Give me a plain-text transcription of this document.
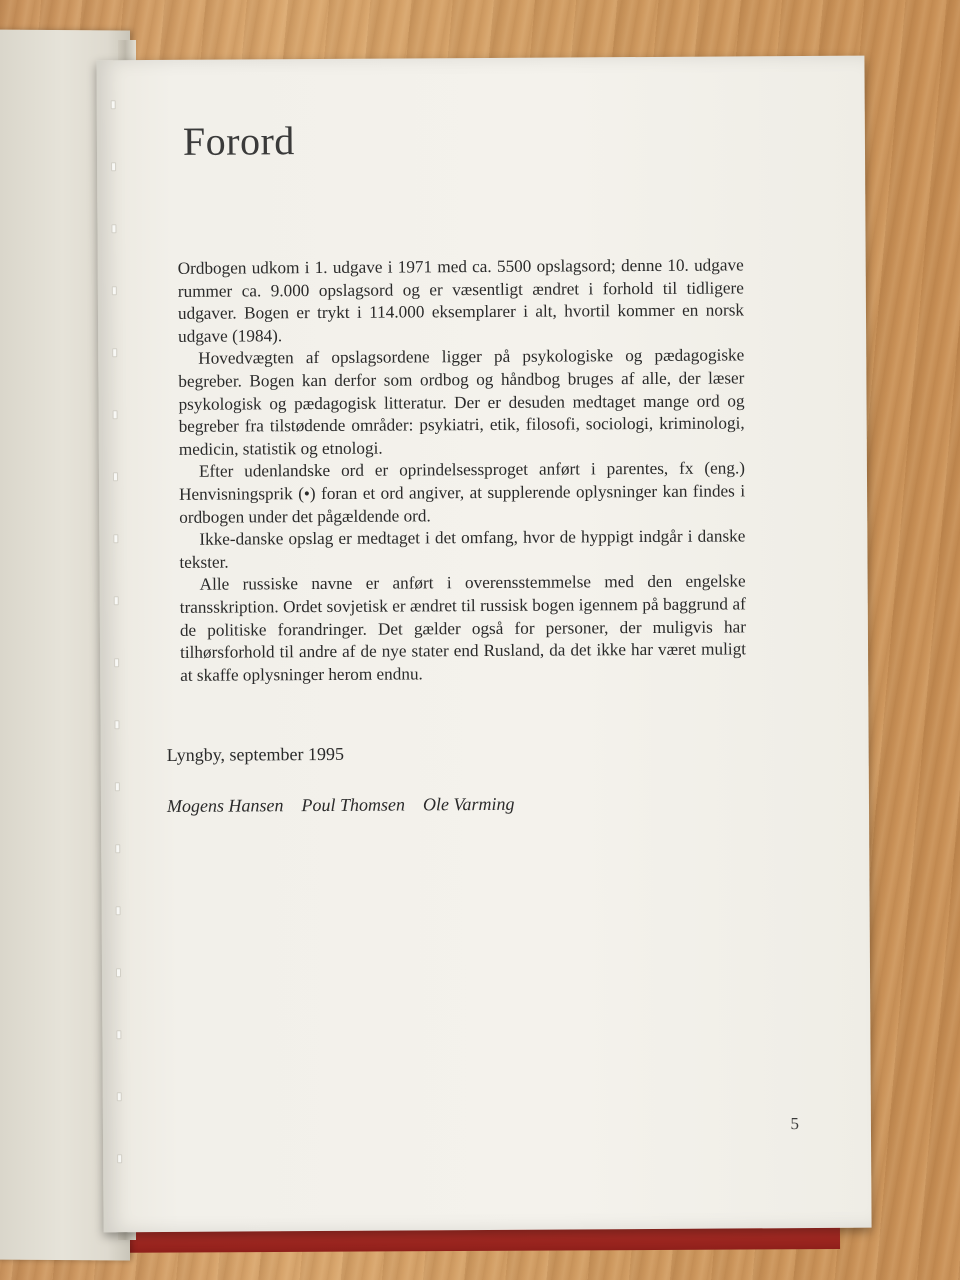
Forord

Ordbogen udkom i 1. udgave i 1971 med ca. 5500 opslagsord; denne 10. udgave rummer ca. 9.000 opslagsord og er væsentligt ændret i forhold til tidligere udgaver. Bogen er trykt i 114.000 eksemplarer i alt, hvortil kommer en norsk udgave (1984).

Hovedvægten af opslagsordene ligger på psykologiske og pædagogiske begreber. Bogen kan derfor som ordbog og håndbog bruges af alle, der læser psykologisk og pædagogisk litteratur. Der er desuden medtaget mange ord og begreber fra tilstødende områder: psykiatri, etik, filosofi, sociologi, kriminologi, medicin, statistik og etnologi.

Efter udenlandske ord er oprindelsessproget anført i parentes, fx (eng.) Henvisningsprik (•) foran et ord angiver, at supplerende oplysninger kan findes i ordbogen under det pågældende ord.

Ikke-danske opslag er medtaget i det omfang, hvor de hyppigt indgår i danske tekster.

Alle russiske navne er anført i overensstemmelse med den engelske transskription. Ordet sovjetisk er ændret til russisk bogen igennem på baggrund af de politiske forandringer. Det gælder også for personer, der muligvis har tilhørsforhold til andre af de nye stater end Rusland, da det ikke har været muligt at skaffe oplysninger herom endnu.

Lyngby, september 1995
Mogens Hansen Poul Thomsen Ole Varming
5
